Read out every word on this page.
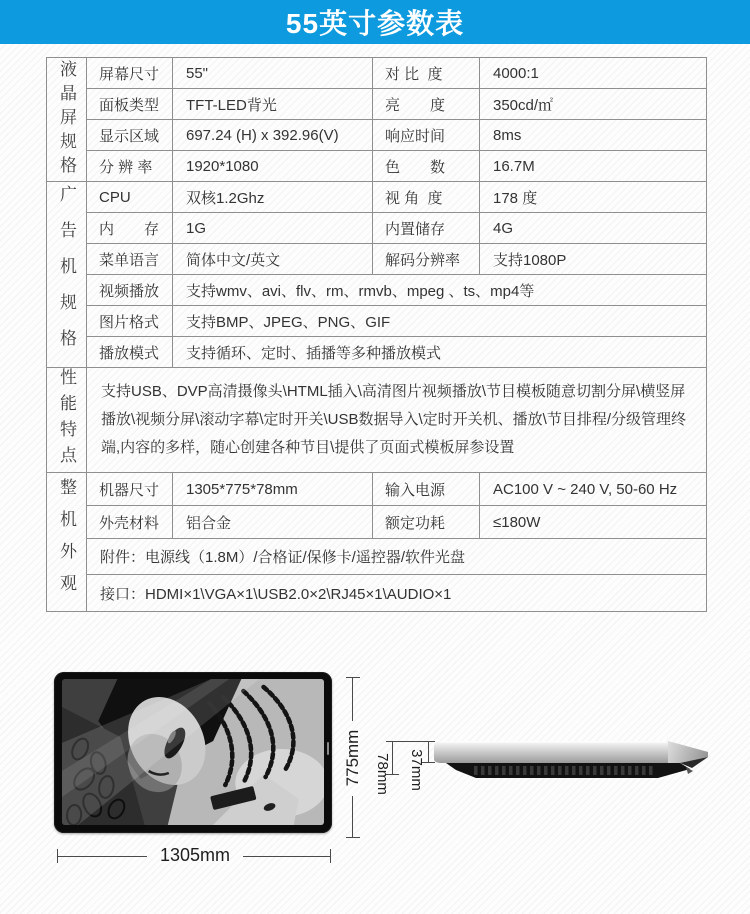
55英寸参数表
液晶屏规格	屏幕尺寸	55"	对 比  度	4000:1
	面板类型	TFT-LED背光	亮　　度	350cd/㎡
	显示区域	697.24 (H) x 392.96(V)	响应时间	8ms
	分 辨 率	1920*1080	色　　数	16.7M

广告机规格	CPU	双核1.2Ghz	视 角  度	178 度
	内　　存	1G	内置储存	4G
	菜单语言	简体中文/英文	解码分辨率	支持1080P
	视频播放	支持wmv、avi、flv、rm、rmvb、mpeg 、ts、mp4等		
	图片格式	支持BMP、JPEG、PNG、GIF		
	播放模式	支持循环、定时、插播等多种播放模式		

性能特点	支持USB、DVP高清摄像头\HTML插入\高清图片视频播放\节目模板随意切割分屏\横竖屏播放\视频分屏\滚动字幕\定时开关\USB数据导入\定时开关机、播放\节目排程/分级管理终端,内容的多样，随心创建各种节目\提供了页面式模板屏参设置			

整机外观	机器尺寸	1305*775*78mm	输入电源	AC100 V ~ 240 V, 50-60 Hz
	外壳材料	铝合金	额定功耗	≤180W
	附件：电源线（1.8M）/合格证/保修卡/遥控器/软件光盘			
	接口：HDMI×1\VGA×1\USB2.0×2\RJ45×1\AUDIO×1			
775mm
1305mm
37mm
78mm
